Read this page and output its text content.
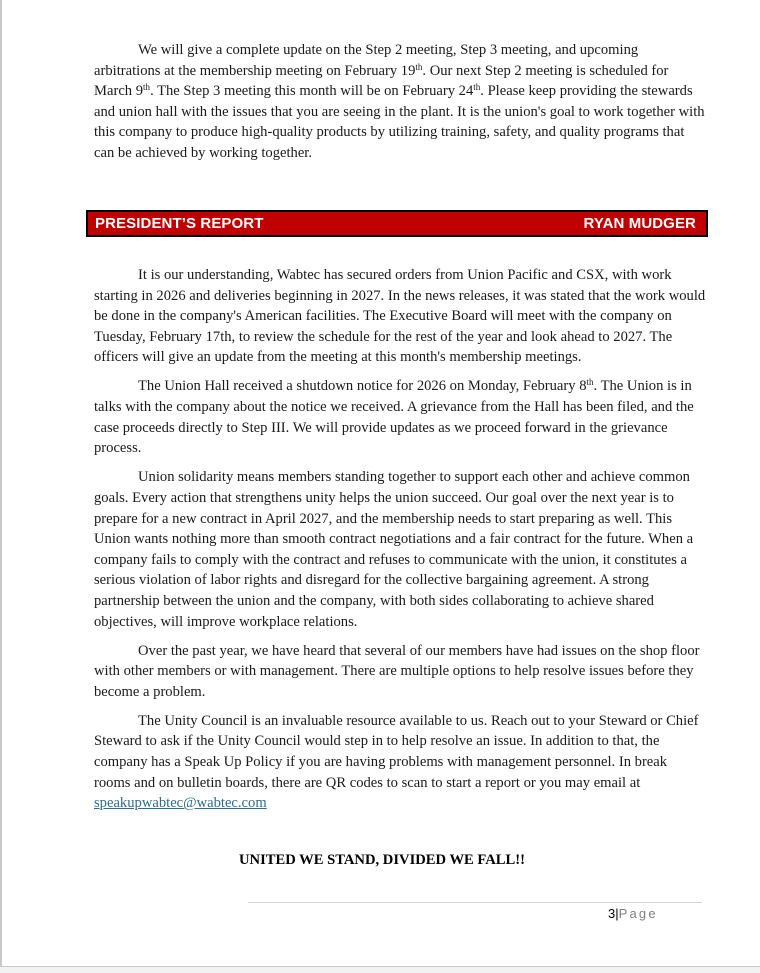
We will give a complete update on the Step 2 meeting, Step 3 meeting, and upcoming arbitrations at the membership meeting on February 19th. Our next Step 2 meeting is scheduled for March 9th. The Step 3 meeting this month will be on February 24th. Please keep providing the stewards and union hall with the issues that you are seeing in the plant. It is the union's goal to work together with this company to produce high-quality products by utilizing training, safety, and quality programs that can be achieved by working together.

PRESIDENT’S REPORT	RYAN MUDGER

It is our understanding, Wabtec has secured orders from Union Pacific and CSX, with work starting in 2026 and deliveries beginning in 2027. In the news releases, it was stated that the work would be done in the company's American facilities. The Executive Board will meet with the company on Tuesday, February 17th, to review the schedule for the rest of the year and look ahead to 2027. The officers will give an update from the meeting at this month's membership meetings.

The Union Hall received a shutdown notice for 2026 on Monday, February 8th. The Union is in talks with the company about the notice we received. A grievance from the Hall has been filed, and the case proceeds directly to Step III. We will provide updates as we proceed forward in the grievance process.

Union solidarity means members standing together to support each other and achieve common goals. Every action that strengthens unity helps the union succeed. Our goal over the next year is to prepare for a new contract in April 2027, and the membership needs to start preparing as well. This Union wants nothing more than smooth contract negotiations and a fair contract for the future. When a company fails to comply with the contract and refuses to communicate with the union, it constitutes a serious violation of labor rights and disregard for the collective bargaining agreement. A strong partnership between the union and the company, with both sides collaborating to achieve shared objectives, will improve workplace relations.

Over the past year, we have heard that several of our members have had issues on the shop floor with other members or with management. There are multiple options to help resolve issues before they become a problem.

The Unity Council is an invaluable resource available to us. Reach out to your Steward or Chief Steward to ask if the Unity Council would step in to help resolve an issue. In addition to that, the company has a Speak Up Policy if you are having problems with management personnel. In break rooms and on bulletin boards, there are QR codes to scan to start a report or you may email at speakupwabtec@wabtec.com

UNITED WE STAND, DIVIDED WE FALL!!
3|Page
